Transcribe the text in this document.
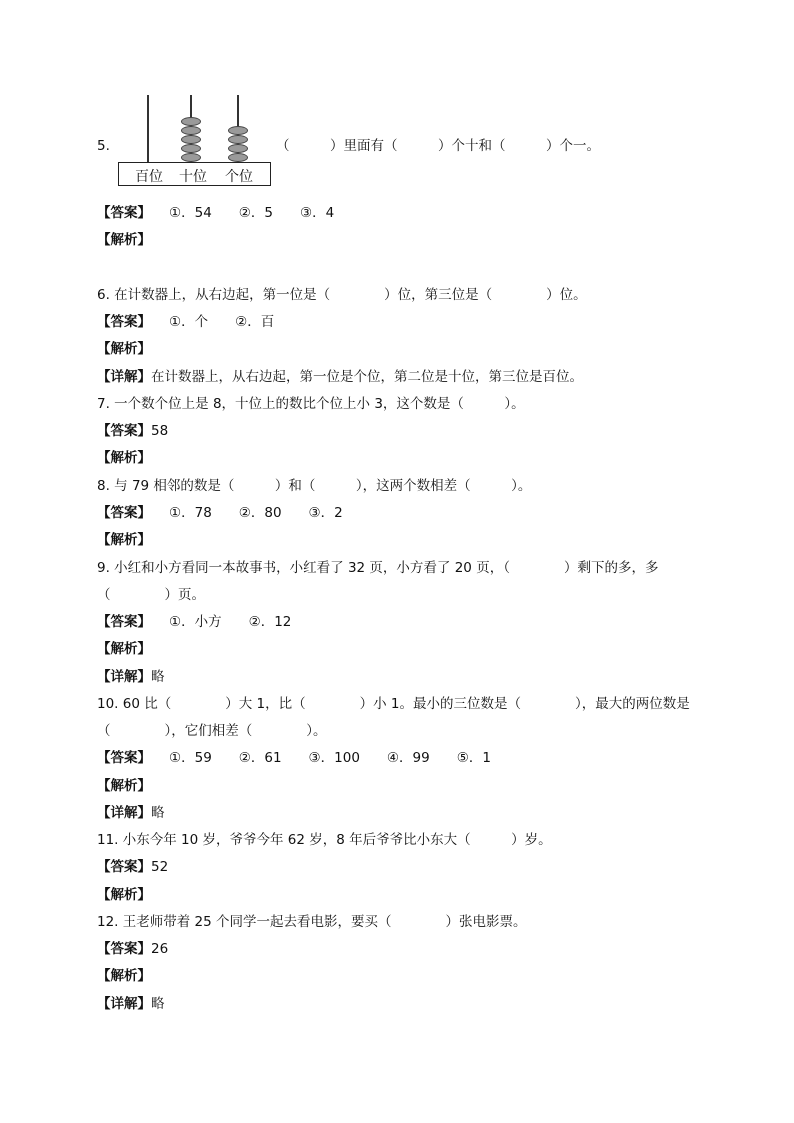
5.
百位 十位 个位
（　　　）里面有（　　　）个十和（　　　）个一。
【答案】 ①．54　　②．5　　③．4
【解析】
6. 在计数器上，从右边起，第一位是（　　　　）位，第三位是（　　　　）位。
【答案】 ①．个　　②．百
【解析】
【详解】在计数器上，从右边起，第一位是个位，第二位是十位，第三位是百位。
7. 一个数个位上是 8，十位上的数比个位上小 3，这个数是（　　　）。
【答案】58
【解析】
8. 与 79 相邻的数是（　　　）和（　　　），这两个数相差（　　　）。
【答案】 ①．78　　②．80　　③．2
【解析】
9. 小红和小方看同一本故事书，小红看了 32 页，小方看了 20 页，（　　　　）剩下的多，多
（　　　　）页。
【答案】 ①．小方　　②．12
【解析】
【详解】略
10. 60 比（　　　　）大 1，比（　　　　）小 1。最小的三位数是（　　　　），最大的两位数是
（　　　　），它们相差（　　　　）。
【答案】 ①．59　　②．61　　③．100　　④．99　　⑤．1
【解析】
【详解】略
11. 小东今年 10 岁，爷爷今年 62 岁，8 年后爷爷比小东大（　　　）岁。
【答案】52
【解析】
12. 王老师带着 25 个同学一起去看电影，要买（　　　　）张电影票。
【答案】26
【解析】
【详解】略
